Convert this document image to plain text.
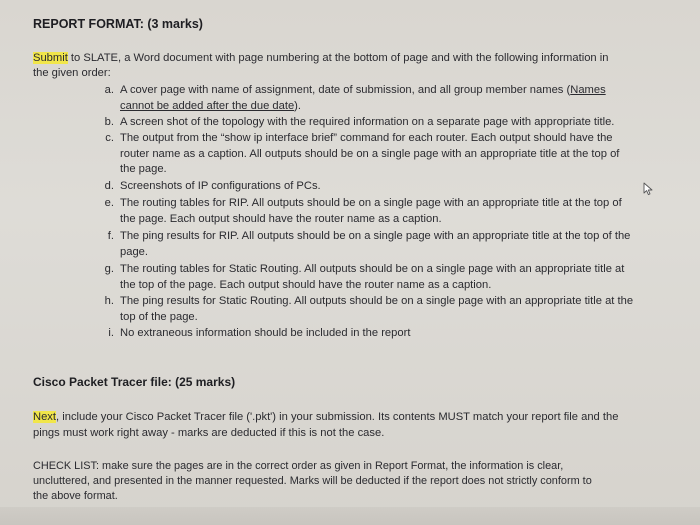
REPORT FORMAT: (3 marks)
Submit to SLATE, a Word document with page numbering at the bottom of page and with the following information in
the given order:
a. A cover page with name of assignment, date of submission, and all group member names (Names
cannot be added after the due date).
b. A screen shot of the topology with the required information on a separate page with appropriate title.
c. The output from the “show ip interface brief” command for each router. Each output should have the
router name as a caption. All outputs should be on a single page with an appropriate title at the top of
the page.
d. Screenshots of IP configurations of PCs.
e. The routing tables for RIP. All outputs should be on a single page with an appropriate title at the top of
the page. Each output should have the router name as a caption.
f. The ping results for RIP. All outputs should be on a single page with an appropriate title at the top of the
page.
g. The routing tables for Static Routing. All outputs should be on a single page with an appropriate title at
the top of the page. Each output should have the router name as a caption.
h. The ping results for Static Routing. All outputs should be on a single page with an appropriate title at the
top of the page.
i. No extraneous information should be included in the report
Cisco Packet Tracer file: (25 marks)
Next, include your Cisco Packet Tracer file ('.pkt') in your submission. Its contents MUST match your report file and the
pings must work right away - marks are deducted if this is not the case.
CHECK LIST: make sure the pages are in the correct order as given in Report Format, the information is clear,
uncluttered, and presented in the manner requested. Marks will be deducted if the report does not strictly conform to
the above format.
